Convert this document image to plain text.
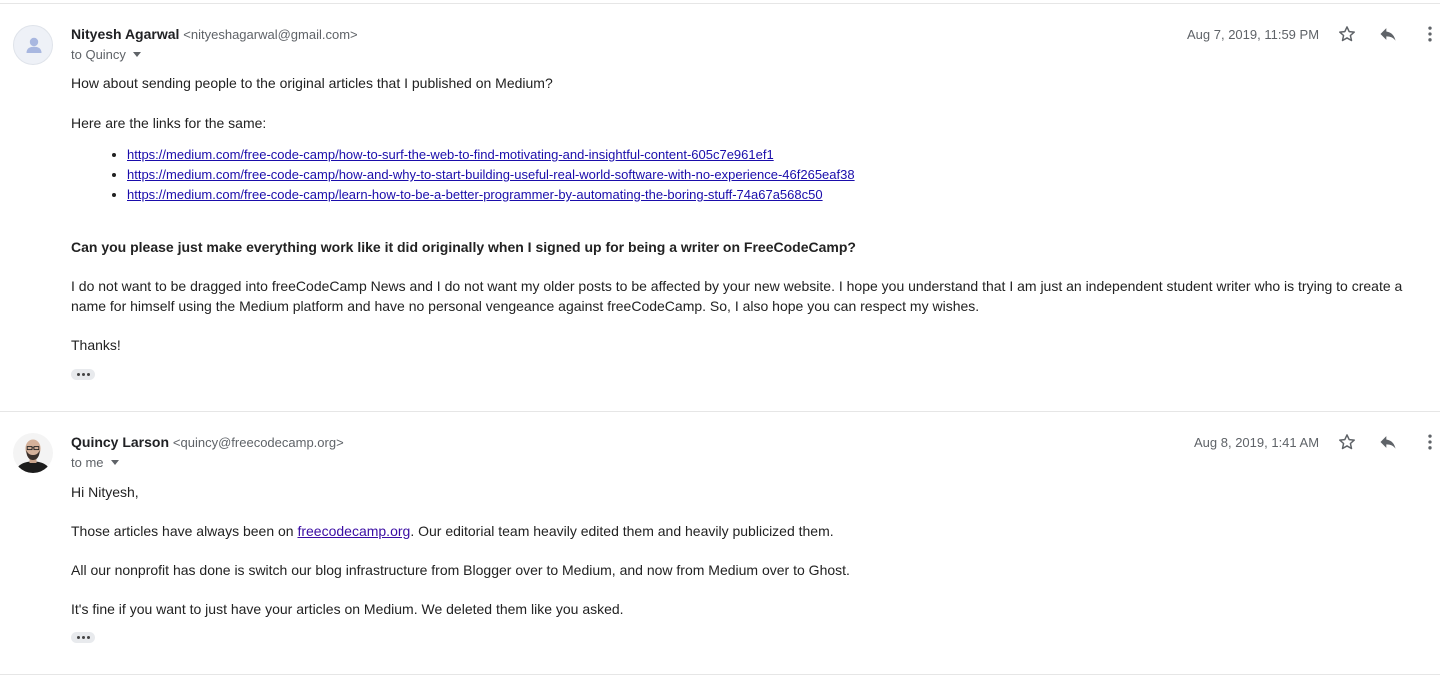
Nityesh Agarwal <nityeshagarwal@gmail.com>
to Quincy
Aug 7, 2019, 11:59 PM
How about sending people to the original articles that I published on Medium?
Here are the links for the same:
• https://medium.com/free-code-camp/how-to-surf-the-web-to-find-motivating-and-insightful-content-605c7e961ef1
• https://medium.com/free-code-camp/how-and-why-to-start-building-useful-real-world-software-with-no-experience-46f265eaf38
• https://medium.com/free-code-camp/learn-how-to-be-a-better-programmer-by-automating-the-boring-stuff-74a67a568c50
Can you please just make everything work like it did originally when I signed up for being a writer on FreeCodeCamp?
I do not want to be dragged into freeCodeCamp News and I do not want my older posts to be affected by your new website. I hope you understand that I am just an independent student writer who is trying to create a name for himself using the Medium platform and have no personal vengeance against freeCodeCamp. So, I also hope you can respect my wishes.
Thanks!
Quincy Larson <quincy@freecodecamp.org>
to me
Aug 8, 2019, 1:41 AM
Hi Nityesh,
Those articles have always been on freecodecamp.org. Our editorial team heavily edited them and heavily publicized them.
All our nonprofit has done is switch our blog infrastructure from Blogger over to Medium, and now from Medium over to Ghost.
It's fine if you want to just have your articles on Medium. We deleted them like you asked.
